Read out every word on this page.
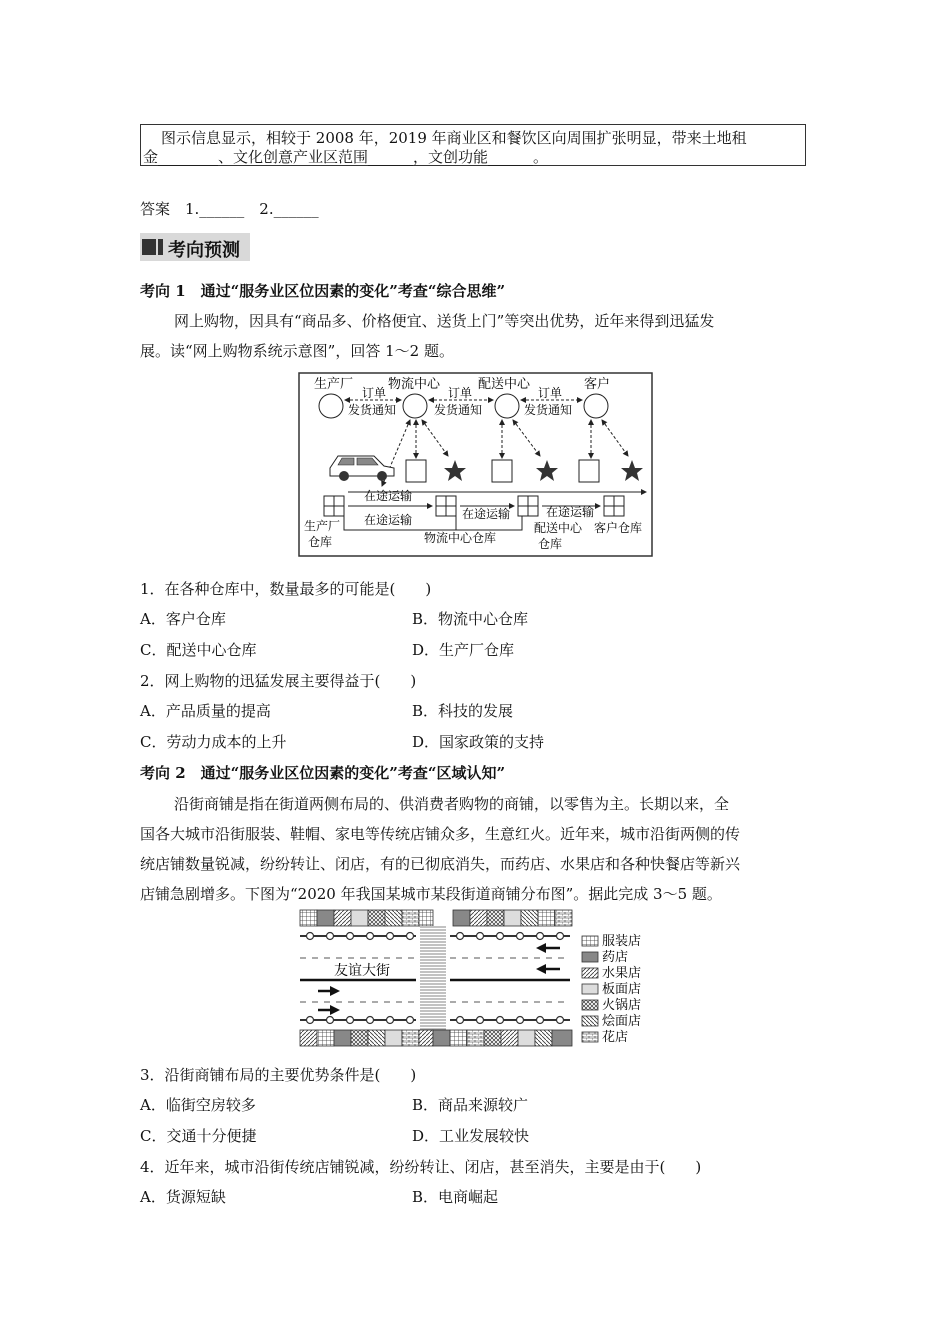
图示信息显示，相较于 2008 年，2019 年商业区和餐饮区向周围扩张明显，带来土地租

金________、文化创意产业区范围______，文创功能______。

答案　1.______　2.______
考向预测
考向 1　通过“服务业区位因素的变化”考查“综合思维”
网上购物，因具有“商品多、价格便宜、送货上门”等突出优势，近年来得到迅猛发
展。读“网上购物系统示意图”，回答 1～2 题。
生产厂	物流中心	配送中心	客户
订单
发货通知
订单
发货通知
订单
发货通知
在途运输
在途运输	在途运输
在途运输
生产厂
仓库	物流中心仓库
配送中心
仓库
客户仓库
1．在各种仓库中，数量最多的可能是(　　)
A．客户仓库	B．物流中心仓库
C．配送中心仓库	D．生产厂仓库
2．网上购物的迅猛发展主要得益于(　　)
A．产品质量的提高	B．科技的发展
C．劳动力成本的上升	D．国家政策的支持
考向 2　通过“服务业区位因素的变化”考查“区域认知”
沿街商铺是指在街道两侧布局的、供消费者购物的商铺，以零售为主。长期以来，全
国各大城市沿街服装、鞋帽、家电等传统店铺众多，生意红火。近年来，城市沿街两侧的传
统店铺数量锐减，纷纷转让、闭店，有的已彻底消失，而药店、水果店和各种快餐店等新兴
店铺急剧增多。下图为“2020 年我国某城市某段街道商铺分布图”。据此完成 3～5 题。
友谊大街
服装店
药店
水果店
板面店
火锅店
烩面店
花店
3．沿街商铺布局的主要优势条件是(　　)
A．临街空房较多	B．商品来源较广
C．交通十分便捷	D．工业发展较快
4．近年来，城市沿街传统店铺锐减，纷纷转让、闭店，甚至消失，主要是由于(　　)
A．货源短缺	B．电商崛起
